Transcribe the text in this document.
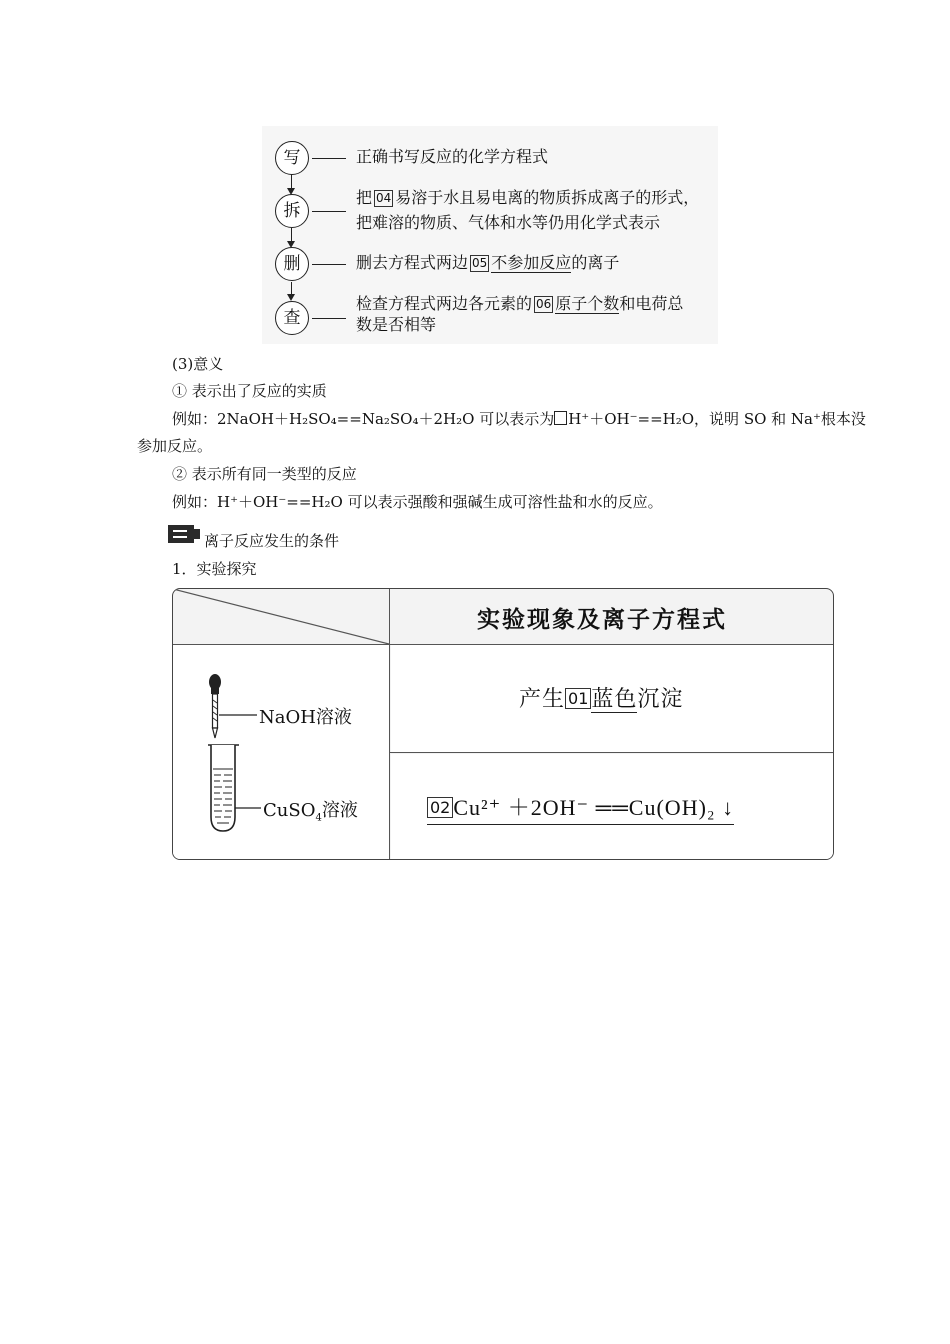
写	正确书写反应的化学方程式
拆
把 04 易溶于水且易电离的物质拆成离子的形式，
把难溶的物质、气体和水等仍用化学式表示
删	删去方程式两边 05 不参加反应的离子
查
检查方程式两边各元素的 06 原子个数和电荷总
数是否相等
(3)意义
① 表示出了反应的实质
例如：2NaOH＋H₂SO₄==Na₂SO₄＋2H₂O 可以表示为 H⁺＋OH⁻==H₂O，说明 SO 和 Na⁺根本没
参加反应。
② 表示所有同一类型的反应
例如：H⁺＋OH⁻==H₂O 可以表示强酸和强碱生成可溶性盐和水的反应。
离子反应发生的条件
1．实验探究
实验现象及离子方程式
NaOH溶液
CuSO$_4$溶液
产生 01 蓝色沉淀
02 Cu²⁺ ＋2OH⁻ ══Cu(OH)₂ ↓
